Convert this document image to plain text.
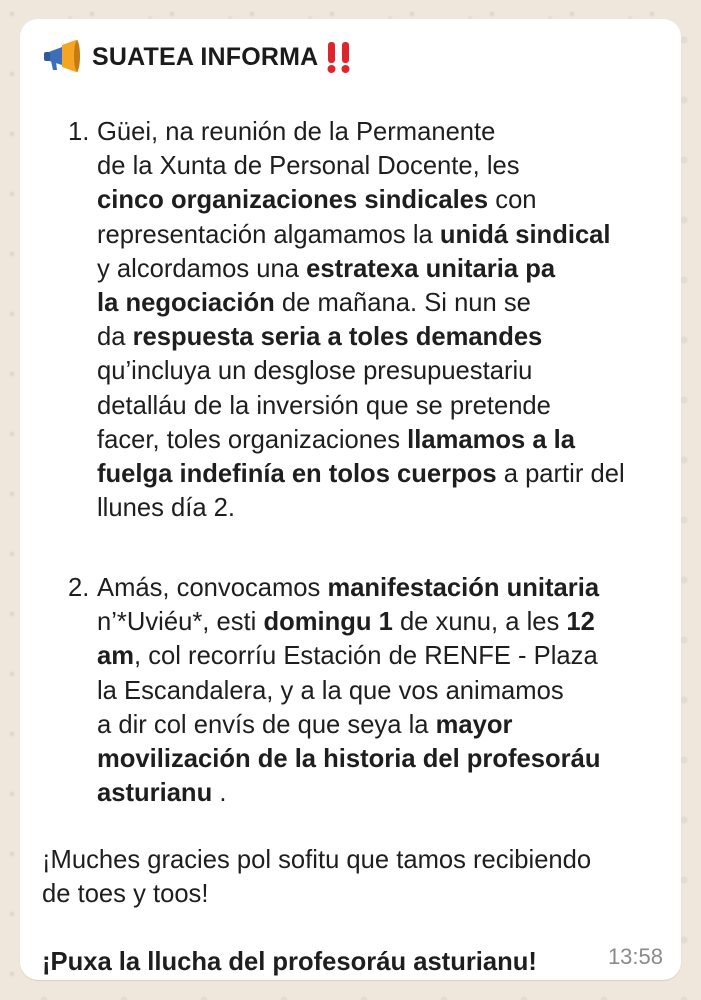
SUATEA INFORMA
1. Güei, na reunión de la Permanente
de la Xunta de Personal Docente, les
cinco organizaciones sindicales con
representación algamamos la unidá sindical
y alcordamos una estratexa unitaria pa
la negociación de mañana. Si nun se
da respuesta seria a toles demandes
qu’incluya un desglose presupuestariu
detalláu de la inversión que se pretende
facer, toles organizaciones llamamos a la
fuelga indefinía en tolos cuerpos a partir del
llunes día 2.
2. Amás, convocamos manifestación unitaria
n’*Uviéu*, esti domingu 1 de xunu, a les 12
am, col recorríu Estación de RENFE - Plaza
la Escandalera, y a la que vos animamos
a dir col envís de que seya la mayor
movilización de la historia del profesoráu
asturianu .
¡Muches gracies pol sofitu que tamos recibiendo
de toes y toos!
¡Puxa la llucha del profesoráu asturianu!	13:58
